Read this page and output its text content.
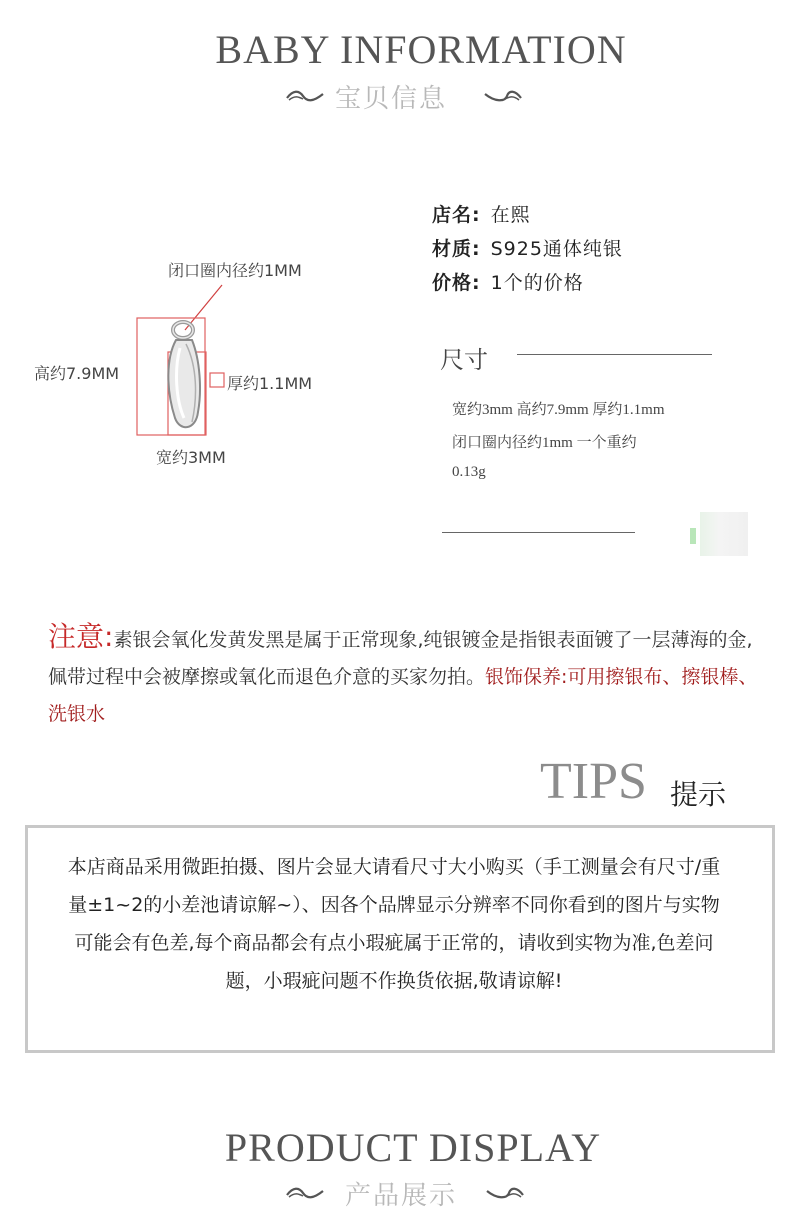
BABY INFORMATION
宝贝信息
闭口圈内径约1MM
高约7.9MM
厚约1.1MM
宽约3MM
店名: 在熙
材质: S925通体纯银
价格: 1个的价格
尺寸
宽约3mm 高约7.9mm 厚约1.1mm
闭口圈内径约1mm 一个重约
0.13g
注意:素银会氧化发黄发黑是属于正常现象,纯银镀金是指银表面镀了一层薄海的金,佩带过程中会被摩擦或氧化而退色介意的买家勿拍。银饰保养:可用擦银布、擦银棒、洗银水
TIPS 提示
本店商品采用微距拍摄、图片会显大请看尺寸大小购买（手工测量会有尺寸/重量±1~2的小差池请谅解~）、因各个品牌显示分辨率不同你看到的图片与实物可能会有色差,每个商品都会有点小瑕疵属于正常的，请收到实物为准,色差问题，小瑕疵问题不作换货依据,敬请谅解!
PRODUCT DISPLAY
产品展示
